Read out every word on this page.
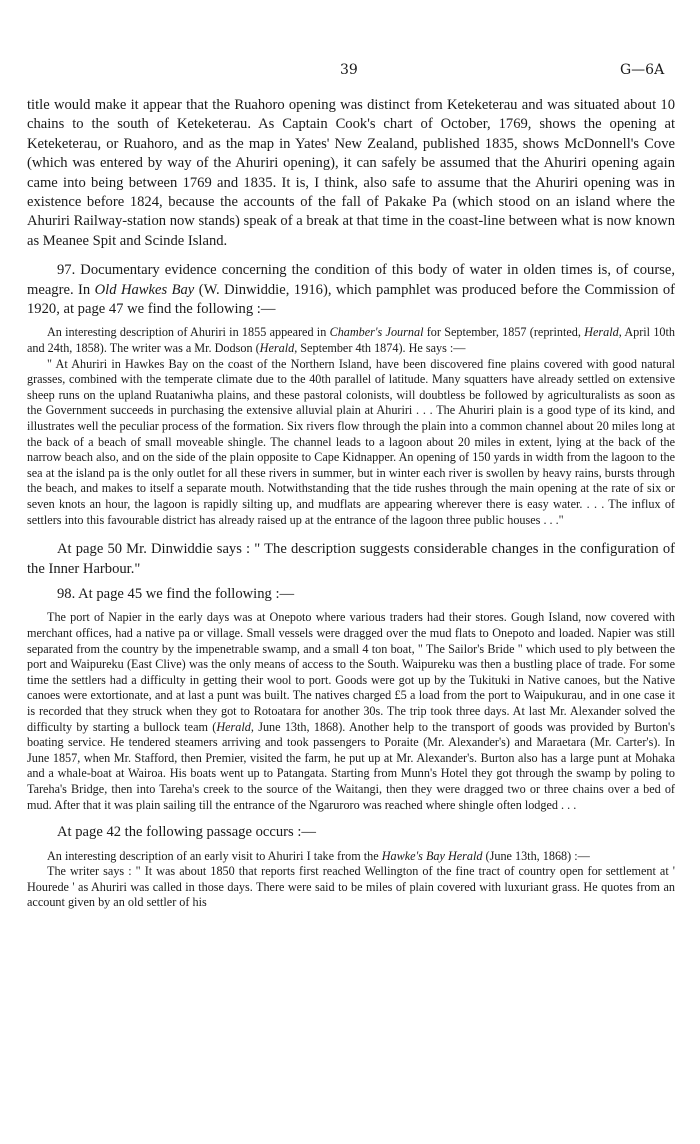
39	G—6A

title would make it appear that the Ruahoro opening was distinct from Keteketerau and was situated about 10 chains to the south of Keteketerau. As Captain Cook's chart of October, 1769, shows the opening at Keteketerau, or Ruahoro, and as the map in Yates' New Zealand, published 1835, shows McDonnell's Cove (which was entered by way of the Ahuriri opening), it can safely be assumed that the Ahuriri opening again came into being between 1769 and 1835. It is, I think, also safe to assume that the Ahuriri opening was in existence before 1824, because the accounts of the fall of Pakake Pa (which stood on an island where the Ahuriri Railway-station now stands) speak of a break at that time in the coast-line between what is now known as Meanee Spit and Scinde Island.

97. Documentary evidence concerning the condition of this body of water in olden times is, of course, meagre. In Old Hawkes Bay (W. Dinwiddie, 1916), which pamphlet was produced before the Commission of 1920, at page 47 we find the following :—

An interesting description of Ahuriri in 1855 appeared in Chamber's Journal for September, 1857 (reprinted, Herald, April 10th and 24th, 1858). The writer was a Mr. Dodson (Herald, September 4th 1874). He says :—

" At Ahuriri in Hawkes Bay on the coast of the Northern Island, have been discovered fine plains covered with good natural grasses, combined with the temperate climate due to the 40th parallel of latitude. Many squatters have already settled on extensive sheep runs on the upland Ruataniwha plains, and these pastoral colonists, will doubtless be followed by agriculturalists as soon as the Government succeeds in purchasing the extensive alluvial plain at Ahuriri . . . The Ahuriri plain is a good type of its kind, and illustrates well the peculiar process of the formation. Six rivers flow through the plain into a common channel about 20 miles long at the back of a beach of small moveable shingle. The channel leads to a lagoon about 20 miles in extent, lying at the back of the narrow beach also, and on the side of the plain opposite to Cape Kidnapper. An opening of 150 yards in width from the lagoon to the sea at the island pa is the only outlet for all these rivers in summer, but in winter each river is swollen by heavy rains, bursts through the beach, and makes to itself a separate mouth. Notwithstanding that the tide rushes through the main opening at the rate of six or seven knots an hour, the lagoon is rapidly silting up, and mudflats are appearing wherever there is easy water. . . . The influx of settlers into this favourable district has already raised up at the entrance of the lagoon three public houses . . ."

At page 50 Mr. Dinwiddie says : " The description suggests considerable changes in the configuration of the Inner Harbour."

98. At page 45 we find the following :—

The port of Napier in the early days was at Onepoto where various traders had their stores. Gough Island, now covered with merchant offices, had a native pa or village. Small vessels were dragged over the mud flats to Onepoto and loaded. Napier was still separated from the country by the impenetrable swamp, and a small 4 ton boat, " The Sailor's Bride " which used to ply between the port and Waipureku (East Clive) was the only means of access to the South. Waipureku was then a bustling place of trade. For some time the settlers had a difficulty in getting their wool to port. Goods were got up by the Tukituki in Native canoes, but the Native canoes were extortionate, and at last a punt was built. The natives charged £5 a load from the port to Waipukurau, and in one case it is recorded that they struck when they got to Rotoatara for another 30s. The trip took three days. At last Mr. Alexander solved the difficulty by starting a bullock team (Herald, June 13th, 1868). Another help to the transport of goods was provided by Burton's boating service. He tendered steamers arriving and took passengers to Poraite (Mr. Alexander's) and Maraetara (Mr. Carter's). In June 1857, when Mr. Stafford, then Premier, visited the farm, he put up at Mr. Alexander's. Burton also has a large punt at Mohaka and a whale-boat at Wairoa. His boats went up to Patangata. Starting from Munn's Hotel they got through the swamp by poling to Tareha's Bridge, then into Tareha's creek to the source of the Waitangi, then they were dragged two or three chains over a bed of mud. After that it was plain sailing till the entrance of the Ngaruroro was reached where shingle often lodged . . .

At page 42 the following passage occurs :—

An interesting description of an early visit to Ahuriri I take from the Hawke's Bay Herald (June 13th, 1868) :—

The writer says : " It was about 1850 that reports first reached Wellington of the fine tract of country open for settlement at ' Hourede ' as Ahuriri was called in those days. There were said to be miles of plain covered with luxuriant grass. He quotes from an account given by an old settler of his
